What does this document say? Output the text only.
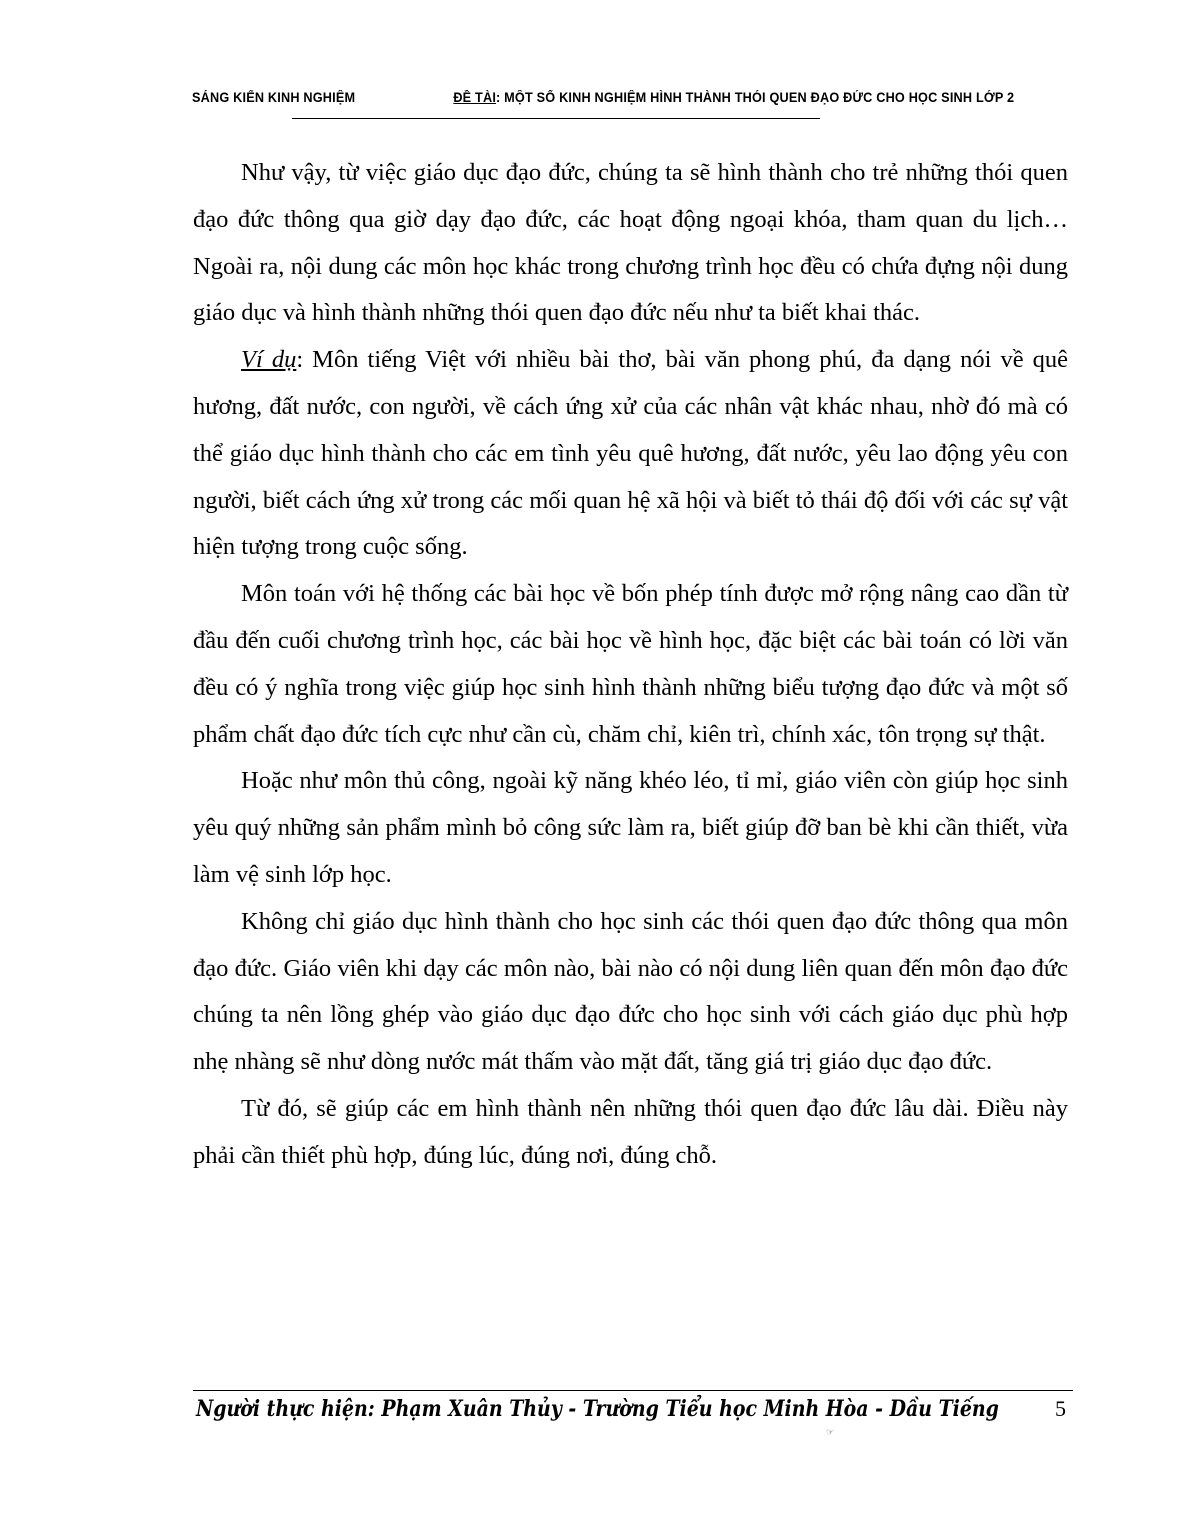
SÁNG KIẾN KINH NGHIỆM	ĐỀ TÀI: MỘT SỐ KINH NGHIỆM HÌNH THÀNH THÓI QUEN ĐẠO ĐỨC CHO HỌC SINH LỚP 2

Như vậy, từ việc giáo dục đạo đức, chúng ta sẽ hình thành cho trẻ những thói quen đạo đức thông qua giờ dạy đạo đức, các hoạt động ngoại khóa, tham quan du lịch… Ngoài ra, nội dung các môn học khác trong chương trình học đều có chứa đựng nội dung giáo dục và hình thành những thói quen đạo đức nếu như ta biết khai thác.

Ví dụ: Môn tiếng Việt với nhiều bài thơ, bài văn phong phú, đa dạng nói về quê hương, đất nước, con người, về cách ứng xử của các nhân vật khác nhau, nhờ đó mà có thể giáo dục hình thành cho các em tình yêu quê hương, đất nước, yêu lao động yêu con người, biết cách ứng xử trong các mối quan hệ xã hội và biết tỏ thái độ đối với các sự vật hiện tượng trong cuộc sống.

Môn toán với hệ thống các bài học về bốn phép tính được mở rộng nâng cao dần từ đầu đến cuối chương trình học, các bài học về hình học, đặc biệt các bài toán có lời văn đều có ý nghĩa trong việc giúp học sinh hình thành những biểu tượng đạo đức và một số phẩm chất đạo đức tích cực như cần cù, chăm chỉ, kiên trì, chính xác, tôn trọng sự thật.

Hoặc như môn thủ công, ngoài kỹ năng khéo léo, tỉ mỉ, giáo viên còn giúp học sinh yêu quý những sản phẩm mình bỏ công sức làm ra, biết giúp đỡ ban bè khi cần thiết, vừa làm vệ sinh lớp học.

Không chỉ giáo dục hình thành cho học sinh các thói quen đạo đức thông qua môn đạo đức. Giáo viên khi dạy các môn nào, bài nào có nội dung liên quan đến môn đạo đức chúng ta nên lồng ghép vào giáo dục đạo đức cho học sinh với cách giáo dục phù hợp nhẹ nhàng sẽ như dòng nước mát thấm vào mặt đất, tăng giá trị giáo dục đạo đức.

Từ đó, sẽ giúp các em hình thành nên những thói quen đạo đức lâu dài. Điều này phải cần thiết phù hợp, đúng lúc, đúng nơi, đúng chỗ.

Người thực hiện: Phạm Xuân Thủy - Trường Tiểu học Minh Hòa - Dầu Tiếng	5
☞
